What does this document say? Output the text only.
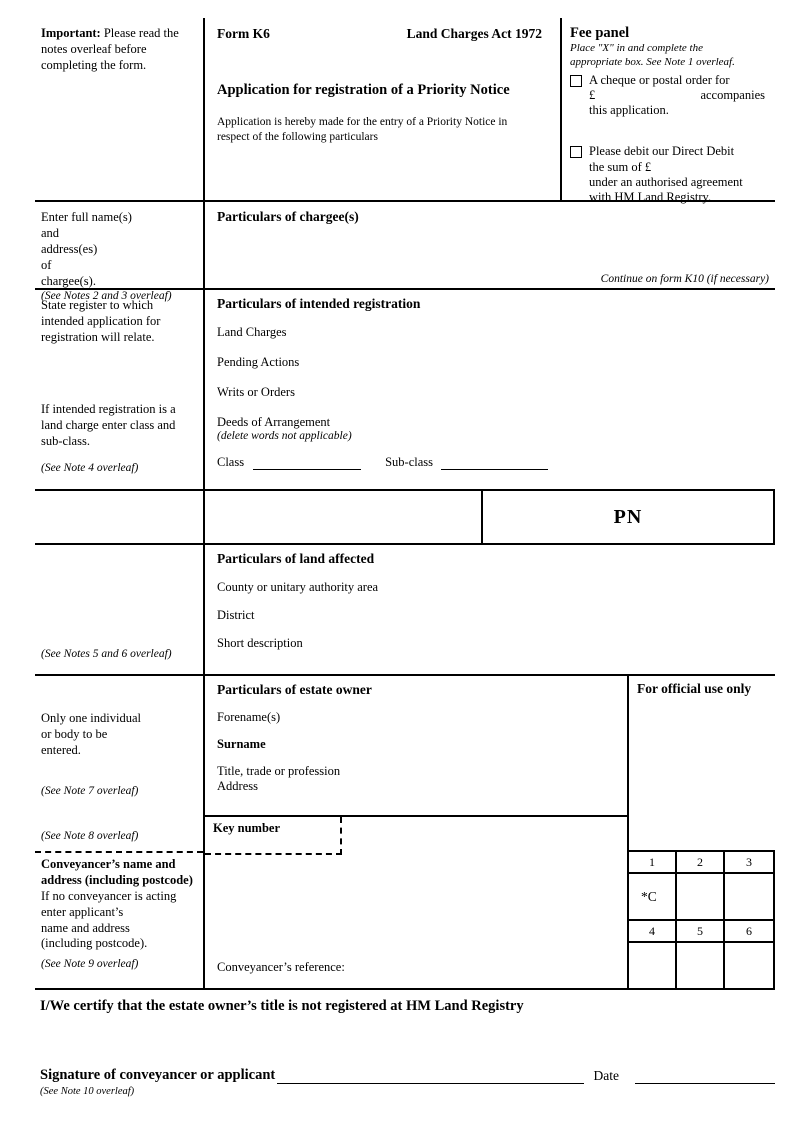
Important: Please read the notes overleaf before completing the form.
Form K6	Land Charges Act 1972
Application for registration of a Priority Notice
Application is hereby made for the entry of a Priority Notice in
respect of the following particulars
Fee panel
Place "X" in and complete the
appropriate box. See Note 1 overleaf.
A cheque or postal order for
£	accompanies
this application.
Please debit our Direct Debit
the sum of £
under an authorised agreement
with HM Land Registry.
Enter full name(s)
and
address(es)
of
chargee(s).
(See Notes 2 and 3 overleaf)
Particulars of chargee(s)
Continue on form K10 (if necessary)
State register to which intended application for registration will relate.
If intended registration is a land charge enter class and sub-class.
(See Note 4 overleaf)
Particulars of intended registration
Land Charges
Pending Actions
Writs or Orders
Deeds of Arrangement
(delete words not applicable)
Class	Sub-class
PN
(See Notes 5 and 6 overleaf)
Particulars of land affected
County or unitary authority area
District
Short description
Only one individual
or body to be
entered.
(See Note 7 overleaf)
Particulars of estate owner
Forename(s)
Surname
Title, trade or profession
Address
For official use only
(See Note 8 overleaf)
Conveyancer’s name and address (including postcode)
If no conveyancer is acting
enter applicant’s
name and address
(including postcode).
(See Note 9 overleaf)
Key number
Conveyancer’s reference:
1	2	3
*C
4	5	6
I/We certify that the estate owner’s title is not registered at HM Land Registry
Signature of conveyancer or applicant	Date
(See Note 10 overleaf)
